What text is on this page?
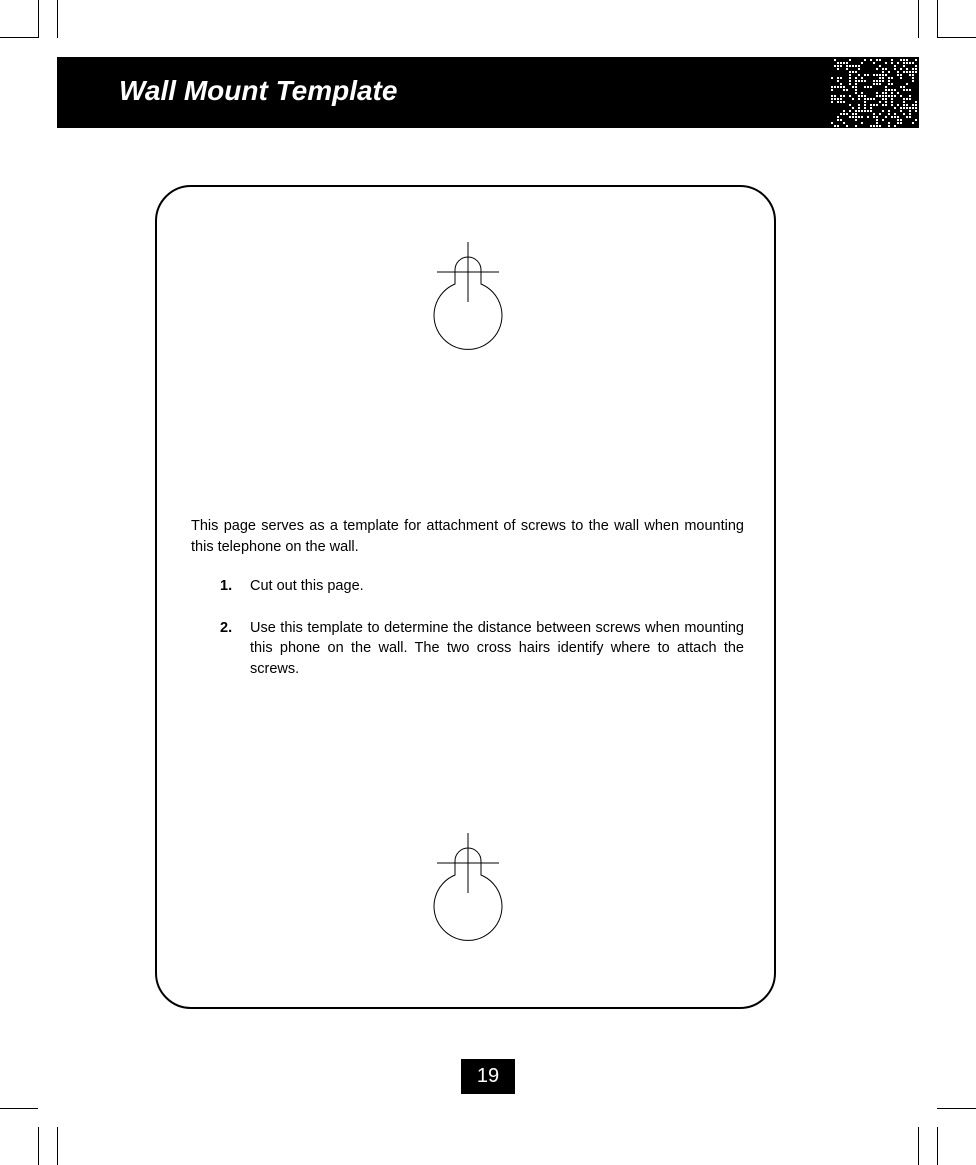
Wall Mount Template
This page serves as a template for attachment of screws to the wall when mounting this telephone on the wall.
1. Cut out this page.
2. Use this template to determine the distance between screws when mounting this phone on the wall. The two cross hairs identify where to attach the screws.
19
